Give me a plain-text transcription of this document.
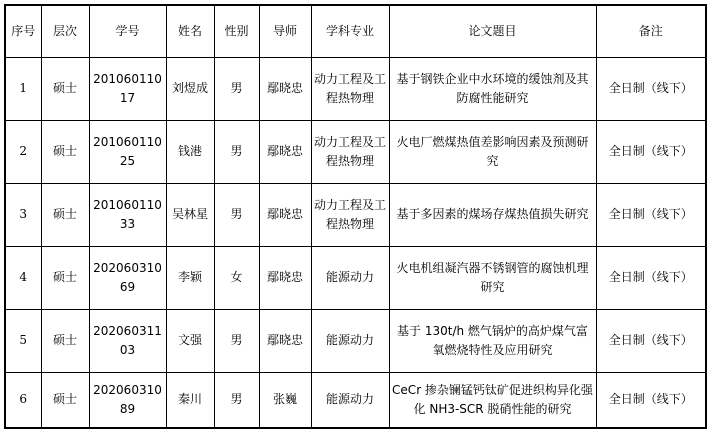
序号	层次	学号	姓名	性别	导师	学科专业	论文题目	备注
1	硕士	20106011017	刘煜成	男	鄢晓忠	动力工程及工程热物理	基于钢铁企业中水环境的缓蚀剂及其防腐性能研究	全日制（线下）
2	硕士	20106011025	钱港	男	鄢晓忠	动力工程及工程热物理	火电厂燃煤热值差影响因素及预测研究	全日制（线下）
3	硕士	20106011033	吴林星	男	鄢晓忠	动力工程及工程热物理	基于多因素的煤场存煤热值损失研究	全日制（线下）
4	硕士	20206031069	李颖	女	鄢晓忠	能源动力	火电机组凝汽器不锈钢管的腐蚀机理研究	全日制（线下）
5	硕士	20206031103	文强	男	鄢晓忠	能源动力	基于 130t/h 燃气锅炉的高炉煤气富氧燃烧特性及应用研究	全日制（线下）
6	硕士	20206031089	秦川	男	张巍	能源动力	CeCr 掺杂镧锰钙钛矿促进织构异化强化 NH3-SCR 脱硝性能的研究	全日制（线下）
